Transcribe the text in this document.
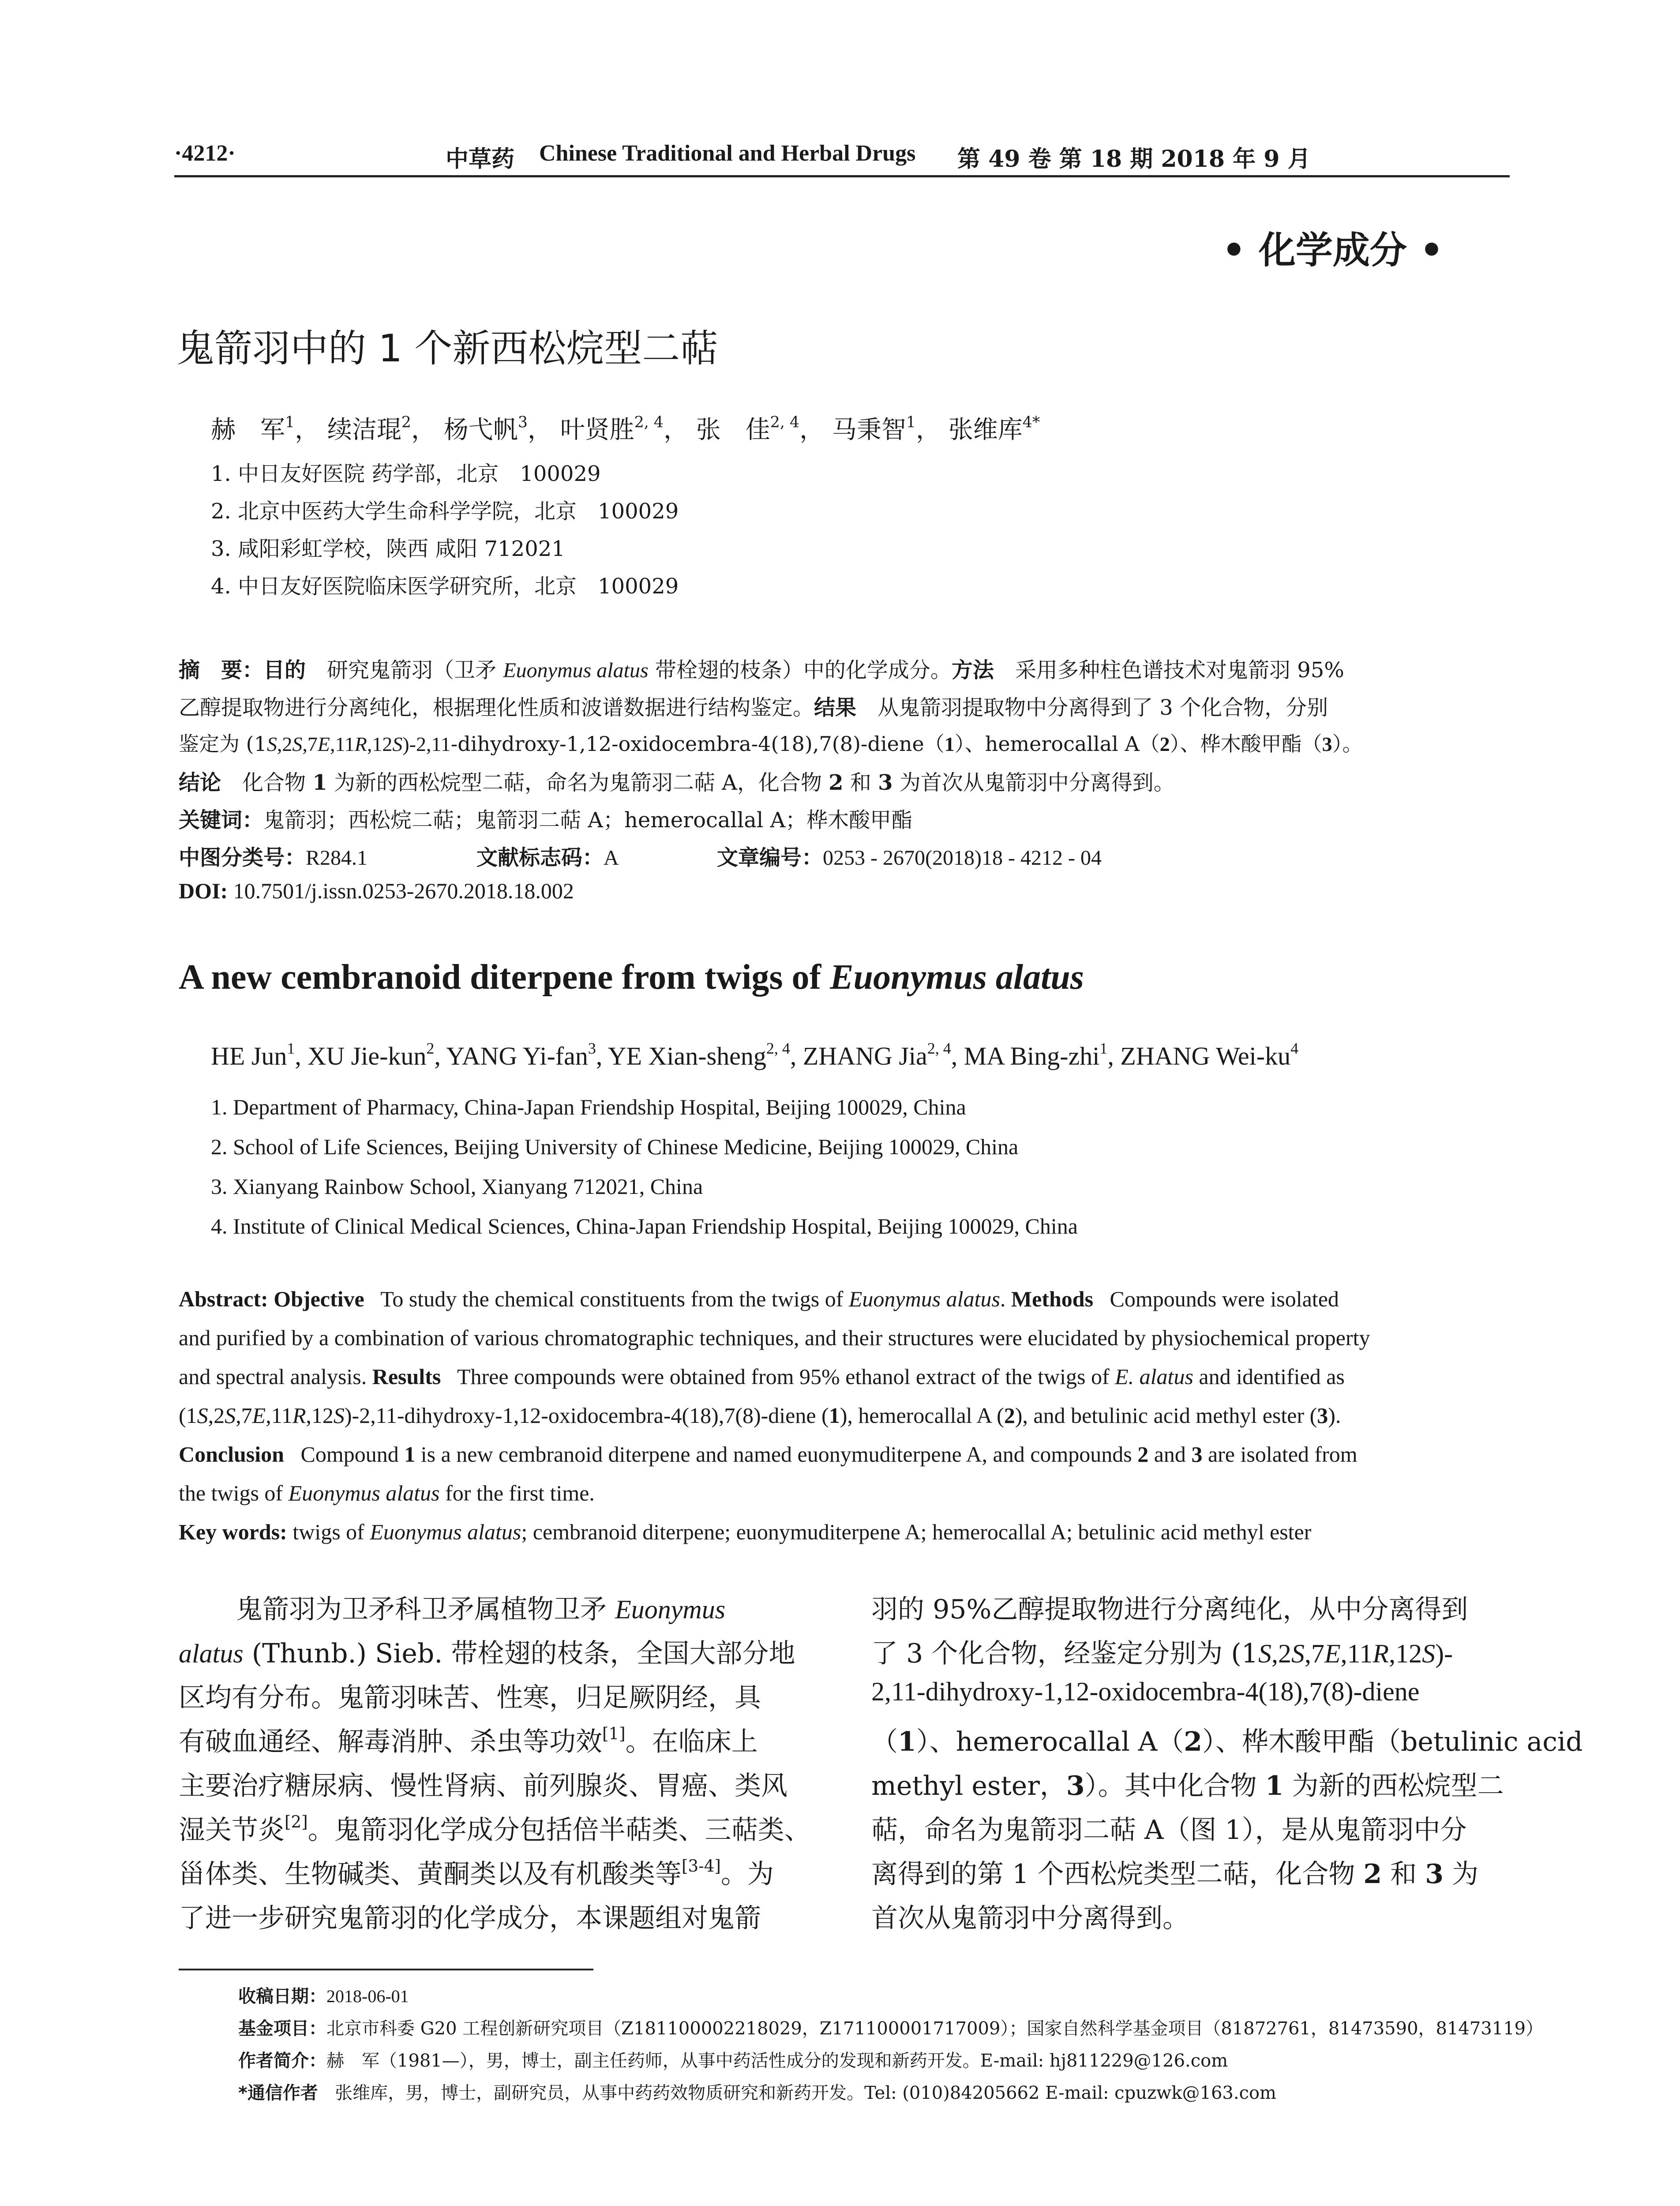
·4212·	中草药 Chinese Traditional and Herbal Drugs 第 49 卷 第 18 期 2018 年 9 月
• 化学成分 •
鬼箭羽中的 1 个新西松烷型二萜
赫　军$^1$， 续洁琨$^2$， 杨弋帆$^3$， 叶贤胜$^{2, 4}$， 张　佳$^{2, 4}$， 马秉智$^1$， 张维库$^{4*}$
1. 中日友好医院 药学部，北京　100029
2. 北京中医药大学生命科学学院，北京　100029
3. 咸阳彩虹学校，陕西 咸阳 712021
4. 中日友好医院临床医学研究所，北京　100029
摘　要：目的　 研究鬼箭羽（卫矛 Euonymus alatus 带栓翅的枝条）中的化学成分。方法　 采用多种柱色谱技术对鬼箭羽 95%
乙醇提取物进行分离纯化，根据理化性质和波谱数据进行结构鉴定。结果　 从鬼箭羽提取物中分离得到了 3 个化合物，分别
鉴定为 (1S,2S,7E,11R,12S)-2,11-dihydroxy-1,12-oxidocembra-4(18),7(8)-diene（1）、hemerocallal A（2）、桦木酸甲酯（3）。
结论　 化合物 1 为新的西松烷型二萜，命名为鬼箭羽二萜 A，化合物 2 和 3 为首次从鬼箭羽中分离得到。
关键词：鬼箭羽；西松烷二萜；鬼箭羽二萜 A；hemerocallal A；桦木酸甲酯
中图分类号：R284.1	文献标志码：A	文章编号：0253 - 2670(2018)18 - 4212 - 04
DOI: 10.7501/j.issn.0253-2670.2018.18.002
A new cembranoid diterpene from twigs of Euonymus alatus
HE Jun$^1$, XU Jie-kun$^2$, YANG Yi-fan$^3$, YE Xian-sheng$^{2, 4}$, ZHANG Jia$^{2, 4}$, MA Bing-zhi$^1$, ZHANG Wei-$ku^4$
1. Department of Pharmacy, China-Japan Friendship Hospital, Beijing 100029, China
2. School of Life Sciences, Beijing University of Chinese Medicine, Beijing 100029, China
3. Xianyang Rainbow School, Xianyang 712021, China
4. Institute of Clinical Medical Sciences, China-Japan Friendship Hospital, Beijing 100029, China
Abstract: Objective To study the chemical constituents from the twigs of Euonymus alatus. Methods Compounds were isolated
and purified by a combination of various chromatographic techniques, and their structures were elucidated by physiochemical property
and spectral analysis. Results Three compounds were obtained from 95% ethanol extract of the twigs of E. alatus and identified as
(1S,2S,7E,11R,12S)-2,11-dihydroxy-1,12-oxidocembra-4(18),7(8)-diene (1), hemerocallal A (2), and betulinic acid methyl ester (3).
Conclusion Compound 1 is a new cembranoid diterpene and named euonymuditerpene A, and compounds 2 and 3 are isolated from
the twigs of Euonymus alatus for the first time.
Key words: twigs of Euonymus alatus; cembranoid diterpene; euonymuditerpene A; hemerocallal A; betulinic acid methyl ester
鬼箭羽为卫矛科卫矛属植物卫矛 Euonymus
alatus (Thunb.) Sieb. 带栓翅的枝条，全国大部分地
区均有分布。鬼箭羽味苦、性寒，归足厥阴经，具
有破血通经、解毒消肿、杀虫等功效[1]。在临床上
主要治疗糖尿病、慢性肾病、前列腺炎、胃癌、类风
湿关节炎[2]。鬼箭羽化学成分包括倍半萜类、三萜类、
甾体类、生物碱类、黄酮类以及有机酸类等[3-4]。为
了进一步研究鬼箭羽的化学成分，本课题组对鬼箭
羽的 95%乙醇提取物进行分离纯化，从中分离得到
了 3 个化合物，经鉴定分别为 (1S,2S,7E,11R,12S)-
2,11-dihydroxy-1,12-oxidocembra-4(18),7(8)-diene
（1）、hemerocallal A（2）、桦木酸甲酯（betulinic acid
methyl ester，3）。其中化合物 1 为新的西松烷型二
萜，命名为鬼箭羽二萜 A（图 1），是从鬼箭羽中分
离得到的第 1 个西松烷类型二萜，化合物 2 和 3 为
首次从鬼箭羽中分离得到。
收稿日期：2018-06-01
基金项目：北京市科委 G20 工程创新研究项目（Z181100002218029，Z171100001717009）；国家自然科学基金项目（81872761，81473590，81473119）
作者简介：赫　军（1981—），男，博士，副主任药师，从事中药活性成分的发现和新药开发。E-mail: hj811229@126.com
*通信作者 张维库，男，博士，副研究员，从事中药药效物质研究和新药开发。Tel: (010)84205662 E-mail: cpuzwk@163.com
